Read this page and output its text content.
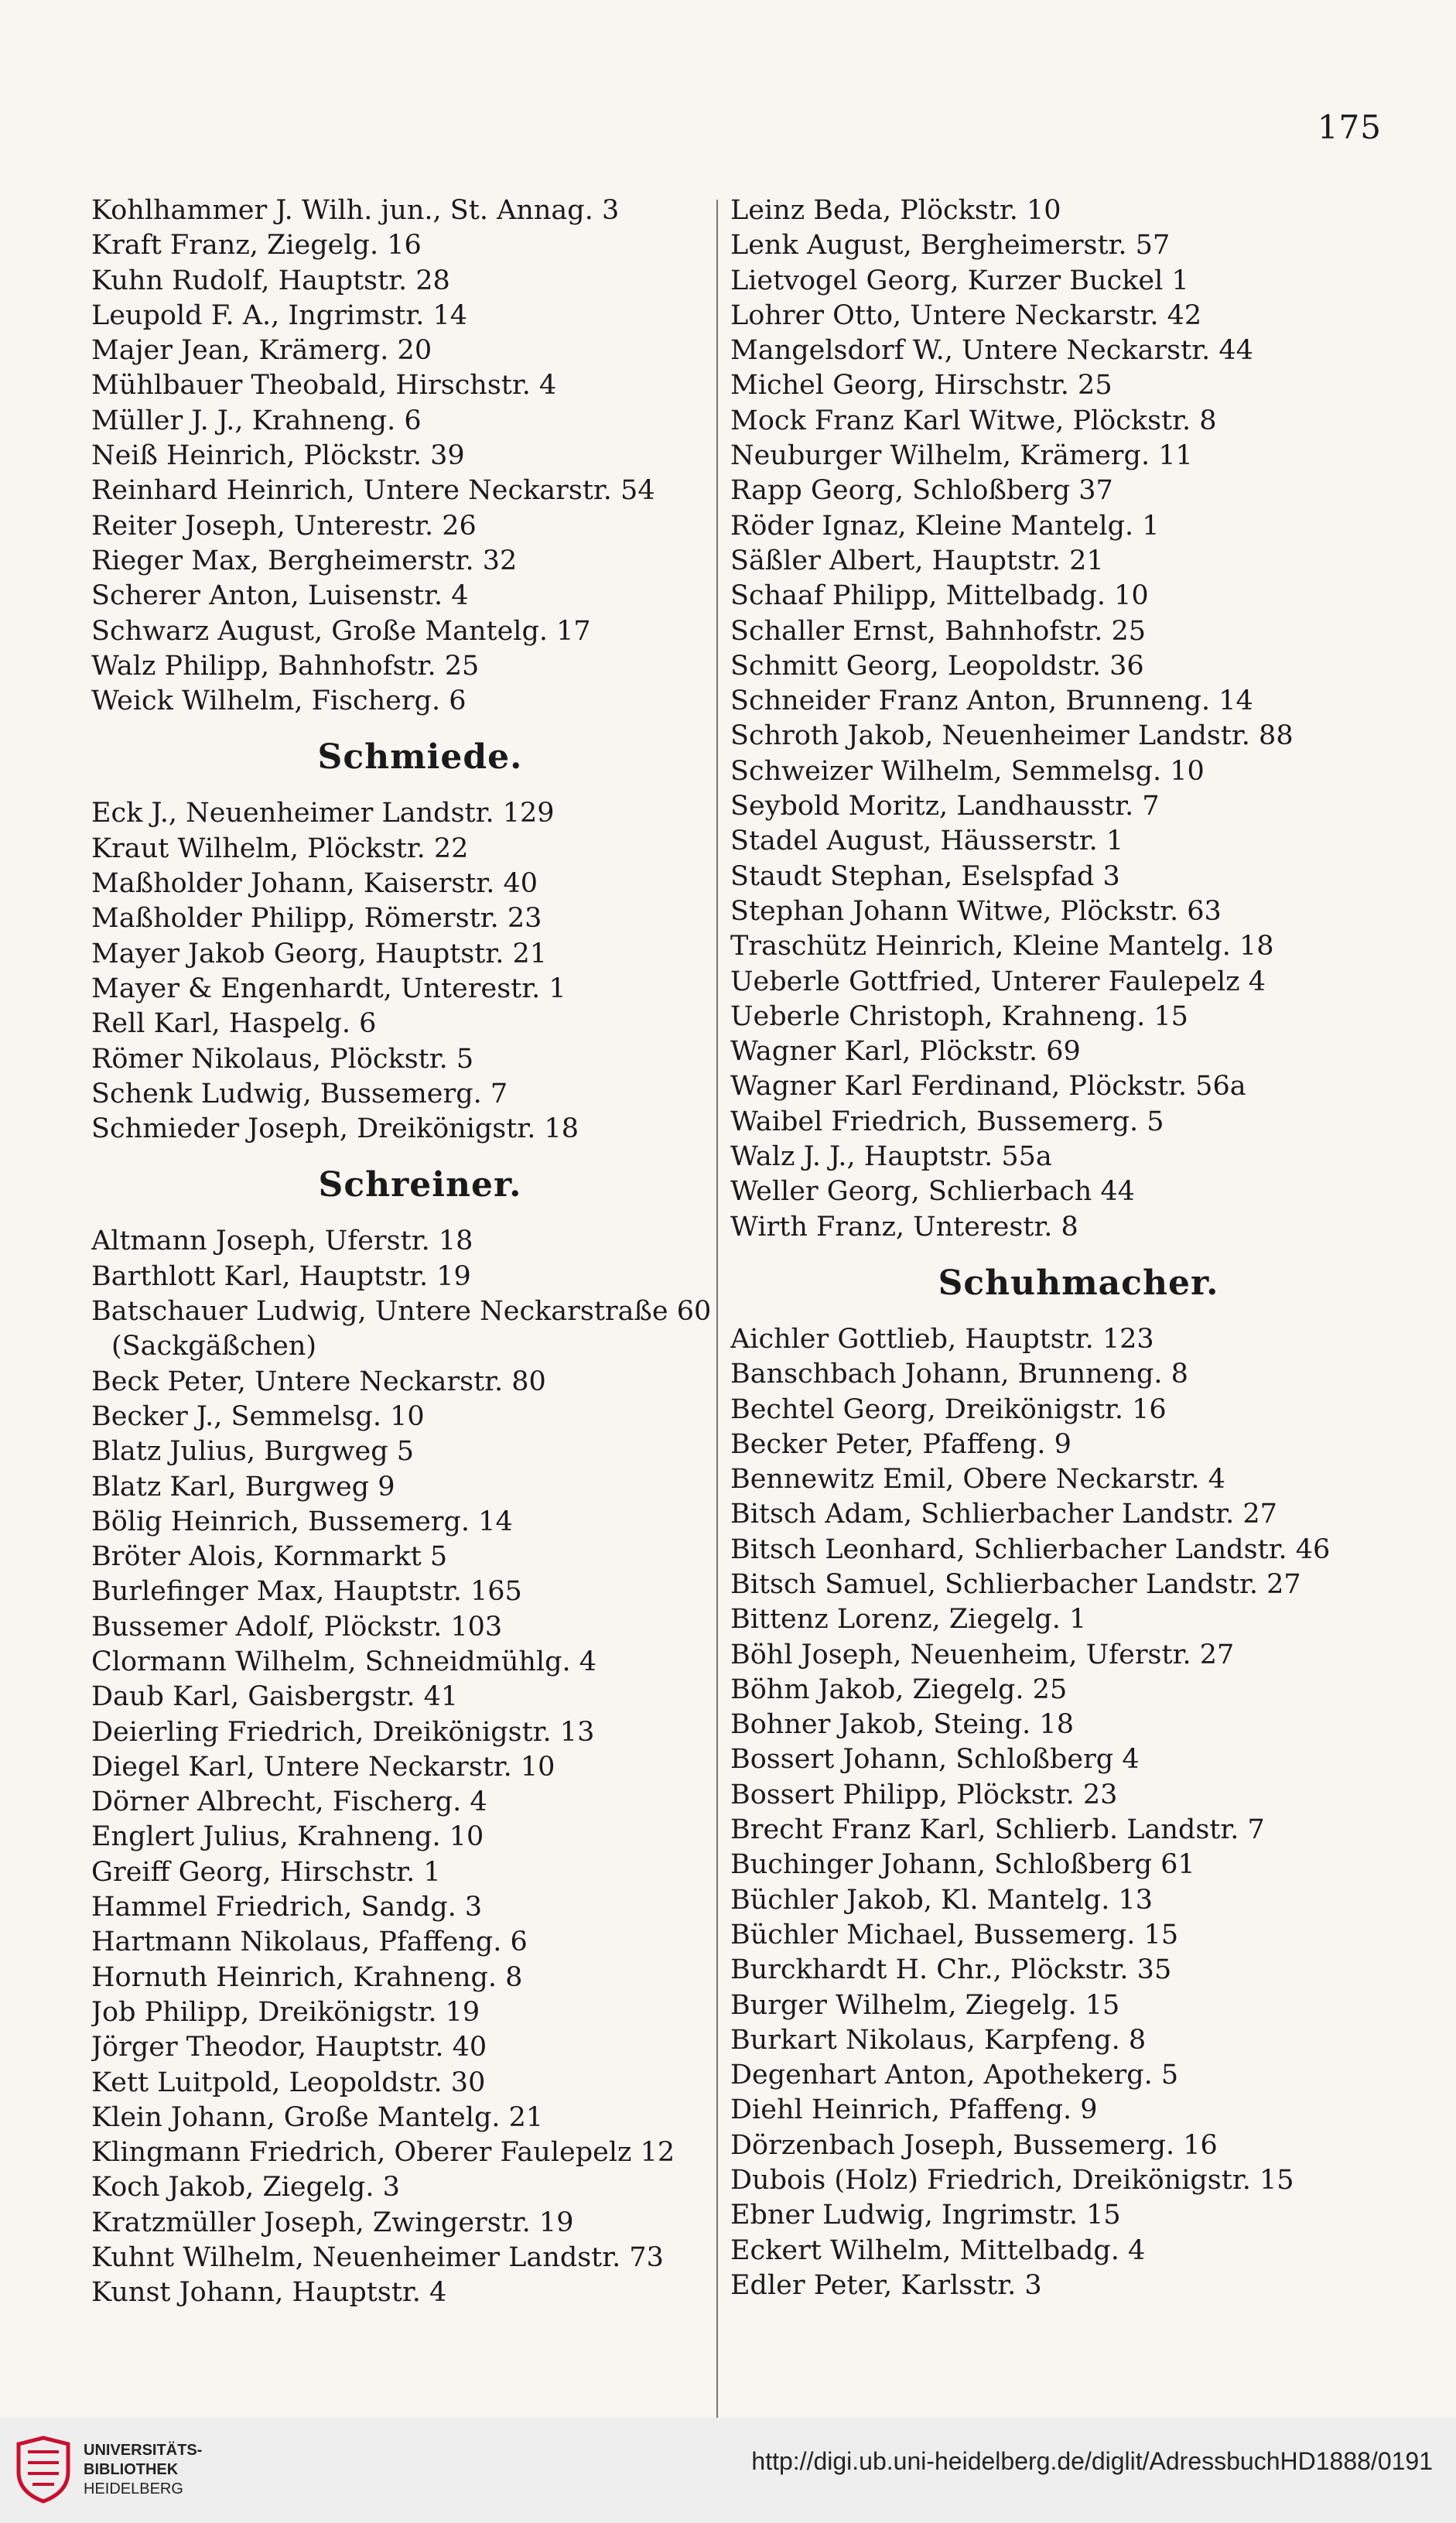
175
Kohlhammer J. Wilh. jun., St. Annag. 3
Kraft Franz, Ziegelg. 16
Kuhn Rudolf, Hauptstr. 28
Leupold F. A., Ingrimstr. 14
Majer Jean, Krämerg. 20
Mühlbauer Theobald, Hirschstr. 4
Müller J. J., Krahneng. 6
Neiß Heinrich, Plöckstr. 39
Reinhard Heinrich, Untere Neckarstr. 54
Reiter Joseph, Unterestr. 26
Rieger Max, Bergheimerstr. 32
Scherer Anton, Luisenstr. 4
Schwarz August, Große Mantelg. 17
Walz Philipp, Bahnhofstr. 25
Weick Wilhelm, Fischerg. 6
Schmiede.
Eck J., Neuenheimer Landstr. 129
Kraut Wilhelm, Plöckstr. 22
Maßholder Johann, Kaiserstr. 40
Maßholder Philipp, Römerstr. 23
Mayer Jakob Georg, Hauptstr. 21
Mayer & Engenhardt, Unterestr. 1
Rell Karl, Haspelg. 6
Römer Nikolaus, Plöckstr. 5
Schenk Ludwig, Bussemerg. 7
Schmieder Joseph, Dreikönigstr. 18
Schreiner.
Altmann Joseph, Uferstr. 18
Barthlott Karl, Hauptstr. 19
Batschauer Ludwig, Untere Neckarstraße 60
(Sackgäßchen)
Beck Peter, Untere Neckarstr. 80
Becker J., Semmelsg. 10
Blatz Julius, Burgweg 5
Blatz Karl, Burgweg 9
Bölig Heinrich, Bussemerg. 14
Bröter Alois, Kornmarkt 5
Burlefinger Max, Hauptstr. 165
Bussemer Adolf, Plöckstr. 103
Clormann Wilhelm, Schneidmühlg. 4
Daub Karl, Gaisbergstr. 41
Deierling Friedrich, Dreikönigstr. 13
Diegel Karl, Untere Neckarstr. 10
Dörner Albrecht, Fischerg. 4
Englert Julius, Krahneng. 10
Greiff Georg, Hirschstr. 1
Hammel Friedrich, Sandg. 3
Hartmann Nikolaus, Pfaffeng. 6
Hornuth Heinrich, Krahneng. 8
Job Philipp, Dreikönigstr. 19
Jörger Theodor, Hauptstr. 40
Kett Luitpold, Leopoldstr. 30
Klein Johann, Große Mantelg. 21
Klingmann Friedrich, Oberer Faulepelz 12
Koch Jakob, Ziegelg. 3
Kratzmüller Joseph, Zwingerstr. 19
Kuhnt Wilhelm, Neuenheimer Landstr. 73
Kunst Johann, Hauptstr. 4
Leinz Beda, Plöckstr. 10
Lenk August, Bergheimerstr. 57
Lietvogel Georg, Kurzer Buckel 1
Lohrer Otto, Untere Neckarstr. 42
Mangelsdorf W., Untere Neckarstr. 44
Michel Georg, Hirschstr. 25
Mock Franz Karl Witwe, Plöckstr. 8
Neuburger Wilhelm, Krämerg. 11
Rapp Georg, Schloßberg 37
Röder Ignaz, Kleine Mantelg. 1
Säßler Albert, Hauptstr. 21
Schaaf Philipp, Mittelbadg. 10
Schaller Ernst, Bahnhofstr. 25
Schmitt Georg, Leopoldstr. 36
Schneider Franz Anton, Brunneng. 14
Schroth Jakob, Neuenheimer Landstr. 88
Schweizer Wilhelm, Semmelsg. 10
Seybold Moritz, Landhausstr. 7
Stadel August, Häusserstr. 1
Staudt Stephan, Eselspfad 3
Stephan Johann Witwe, Plöckstr. 63
Traschütz Heinrich, Kleine Mantelg. 18
Ueberle Gottfried, Unterer Faulepelz 4
Ueberle Christoph, Krahneng. 15
Wagner Karl, Plöckstr. 69
Wagner Karl Ferdinand, Plöckstr. 56a
Waibel Friedrich, Bussemerg. 5
Walz J. J., Hauptstr. 55a
Weller Georg, Schlierbach 44
Wirth Franz, Unterestr. 8
Schuhmacher.
Aichler Gottlieb, Hauptstr. 123
Banschbach Johann, Brunneng. 8
Bechtel Georg, Dreikönigstr. 16
Becker Peter, Pfaffeng. 9
Bennewitz Emil, Obere Neckarstr. 4
Bitsch Adam, Schlierbacher Landstr. 27
Bitsch Leonhard, Schlierbacher Landstr. 46
Bitsch Samuel, Schlierbacher Landstr. 27
Bittenz Lorenz, Ziegelg. 1
Böhl Joseph, Neuenheim, Uferstr. 27
Böhm Jakob, Ziegelg. 25
Bohner Jakob, Steing. 18
Bossert Johann, Schloßberg 4
Bossert Philipp, Plöckstr. 23
Brecht Franz Karl, Schlierb. Landstr. 7
Buchinger Johann, Schloßberg 61
Büchler Jakob, Kl. Mantelg. 13
Büchler Michael, Bussemerg. 15
Burckhardt H. Chr., Plöckstr. 35
Burger Wilhelm, Ziegelg. 15
Burkart Nikolaus, Karpfeng. 8
Degenhart Anton, Apothekerg. 5
Diehl Heinrich, Pfaffeng. 9
Dörzenbach Joseph, Bussemerg. 16
Dubois (Holz) Friedrich, Dreikönigstr. 15
Ebner Ludwig, Ingrimstr. 15
Eckert Wilhelm, Mittelbadg. 4
Edler Peter, Karlsstr. 3
UNIVERSITÄTS-
BIBLIOTHEK
HEIDELBERG
http://digi.ub.uni-heidelberg.de/diglit/AdressbuchHD1888/0191
